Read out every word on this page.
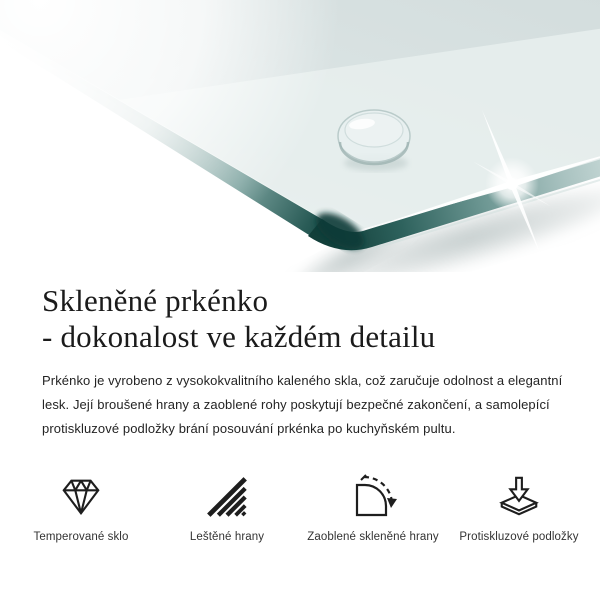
Skleněné prkénko
- dokonalost ve každém detailu

Prkénko je vyrobeno z vysokokvalitního kaleného skla, což zaručuje odolnost a elegantní lesk. Její broušené hrany a zaoblené rohy poskytují bezpečné zakončení, a samolepící protiskluzové podložky brání posouvání prkénka po kuchyňském pultu.

Temperované sklo	Leštěné hrany	Zaoblené skleněné hrany Protiskluzové podložky
